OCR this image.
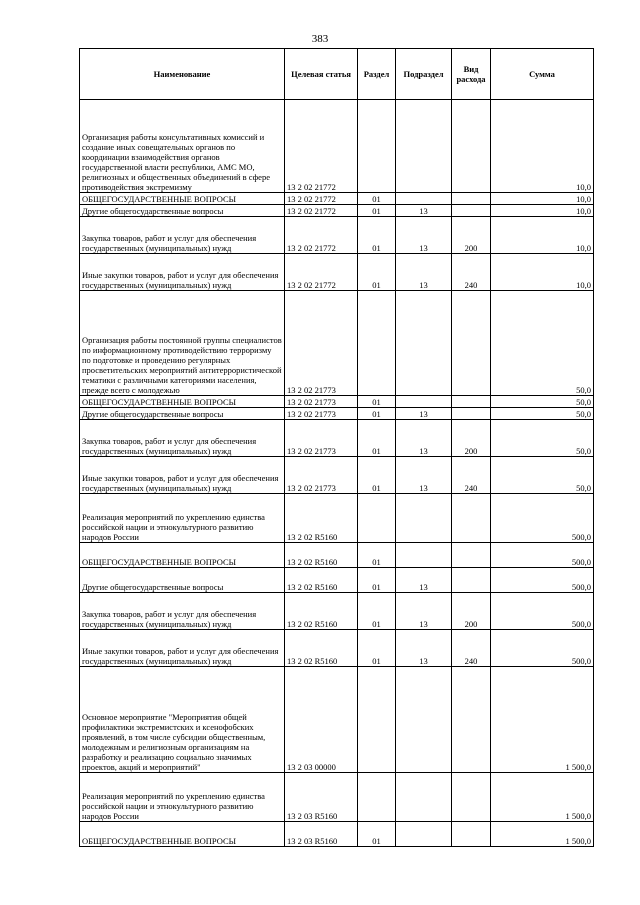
383
Наименование	Целевая статья	Раздел	Подраздел	Вид расхода	Сумма
Организация работы консультативных комиссий и создание иных совещательных органов по координации взаимодействия органов государственной власти республики, АМС МО, религиозных и общественных объединений в сфере противодействия экстремизму	13 2 02 21772				10,0
ОБЩЕГОСУДАРСТВЕННЫЕ ВОПРОСЫ	13 2 02 21772	01			10,0
Другие общегосударственные вопросы	13 2 02 21772	01	13		10,0
Закупка товаров, работ и услуг для обеспечения государственных (муниципальных) нужд	13 2 02 21772	01	13	200	10,0
Иные закупки товаров, работ и услуг для обеспечения государственных (муниципальных) нужд	13 2 02 21772	01	13	240	10,0
Организация работы постоянной группы специалистов по информационному противодействию терроризму по подготовке и проведению регулярных просветительских мероприятий антитеррористической тематики с различными категориями населения, прежде всего с молодежью	13 2 02 21773				50,0
ОБЩЕГОСУДАРСТВЕННЫЕ ВОПРОСЫ	13 2 02 21773	01			50,0
Другие общегосударственные вопросы	13 2 02 21773	01	13		50,0
Закупка товаров, работ и услуг для обеспечения государственных (муниципальных) нужд	13 2 02 21773	01	13	200	50,0
Иные закупки товаров, работ и услуг для обеспечения государственных (муниципальных) нужд	13 2 02 21773	01	13	240	50,0
Реализация мероприятий по укреплению единства российской нации и этнокультурного развитию народов России	13 2 02 R5160				500,0
ОБЩЕГОСУДАРСТВЕННЫЕ ВОПРОСЫ	13 2 02 R5160	01			500,0
Другие общегосударственные вопросы	13 2 02 R5160	01	13		500,0
Закупка товаров, работ и услуг для обеспечения государственных (муниципальных) нужд	13 2 02 R5160	01	13	200	500,0
Иные закупки товаров, работ и услуг для обеспечения государственных (муниципальных) нужд	13 2 02 R5160	01	13	240	500,0
Основное мероприятие "Мероприятия общей профилактики экстремистских и ксенофобских проявлений, в том числе субсидии общественным, молодежным и религиозным организациям на разработку и реализацию социально значимых проектов, акций и мероприятий"	13 2 03 00000				1 500,0
Реализация мероприятий по укреплению единства российской нации и этнокультурного развитию народов России	13 2 03 R5160				1 500,0
ОБЩЕГОСУДАРСТВЕННЫЕ ВОПРОСЫ	13 2 03 R5160	01			1 500,0
